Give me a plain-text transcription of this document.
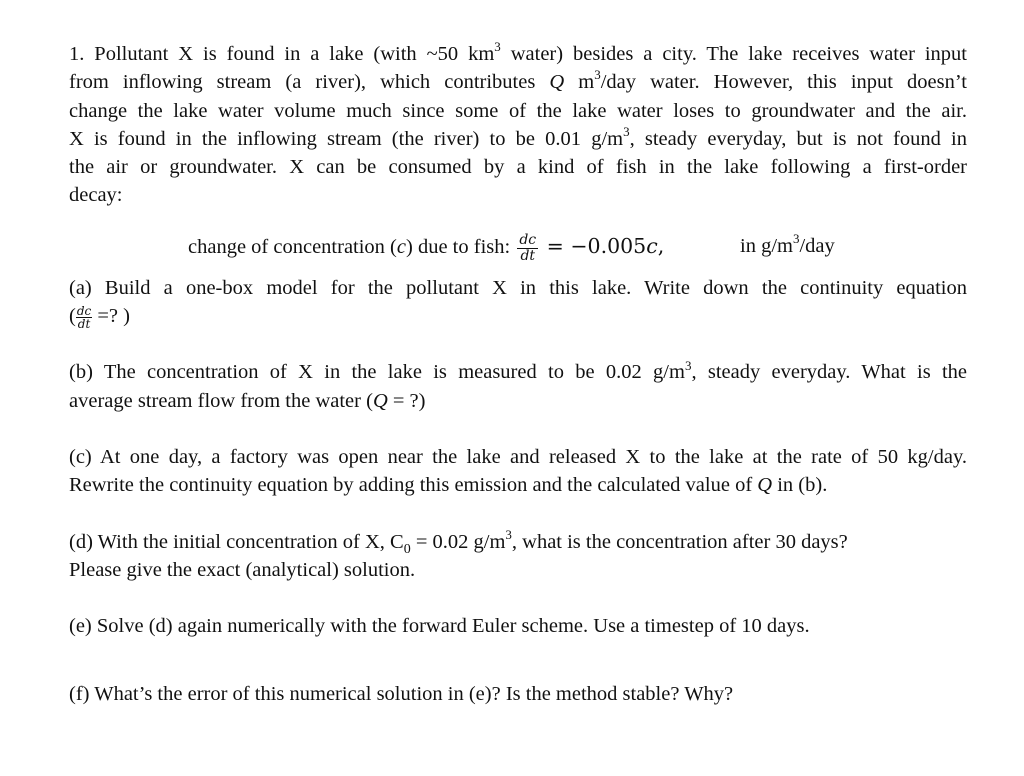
1. Pollutant X is found in a lake (with ~50 $km^3$ water) besides a city. The lake receives water input
from inflowing stream (a river), which contributes Q $m^3$/day water. However, this input doesn’t
change the lake water volume much since some of the lake water loses to groundwater and the air.
X is found in the inflowing stream (the river) to be 0.01 $g/m^3$, steady everyday, but is not found in
the air or groundwater. X can be consumed by a kind of fish in the lake following a first-order
decay:

change of concentration (c) due to fish: $\frac{dc}{dt} = -0.005c$,	in $g/m^3$/day

(a) Build a one-box model for the pollutant X in this lake. Write down the continuity equation
( $\frac{dc}{dt}$ =? )

(b) The concentration of X in the lake is measured to be 0.02 $g/m^3$, steady everyday. What is the
average stream flow from the water (Q = ?)

(c) At one day, a factory was open near the lake and released X to the lake at the rate of 50 kg/day.
Rewrite the continuity equation by adding this emission and the calculated value of Q in (b).

(d) With the initial concentration of X, $C_0 = 0.02$ $g/m^3$, what is the concentration after 30 days?
Please give the exact (analytical) solution.

(e) Solve (d) again numerically with the forward Euler scheme. Use a timestep of 10 days.

(f) What’s the error of this numerical solution in (e)? Is the method stable? Why?
